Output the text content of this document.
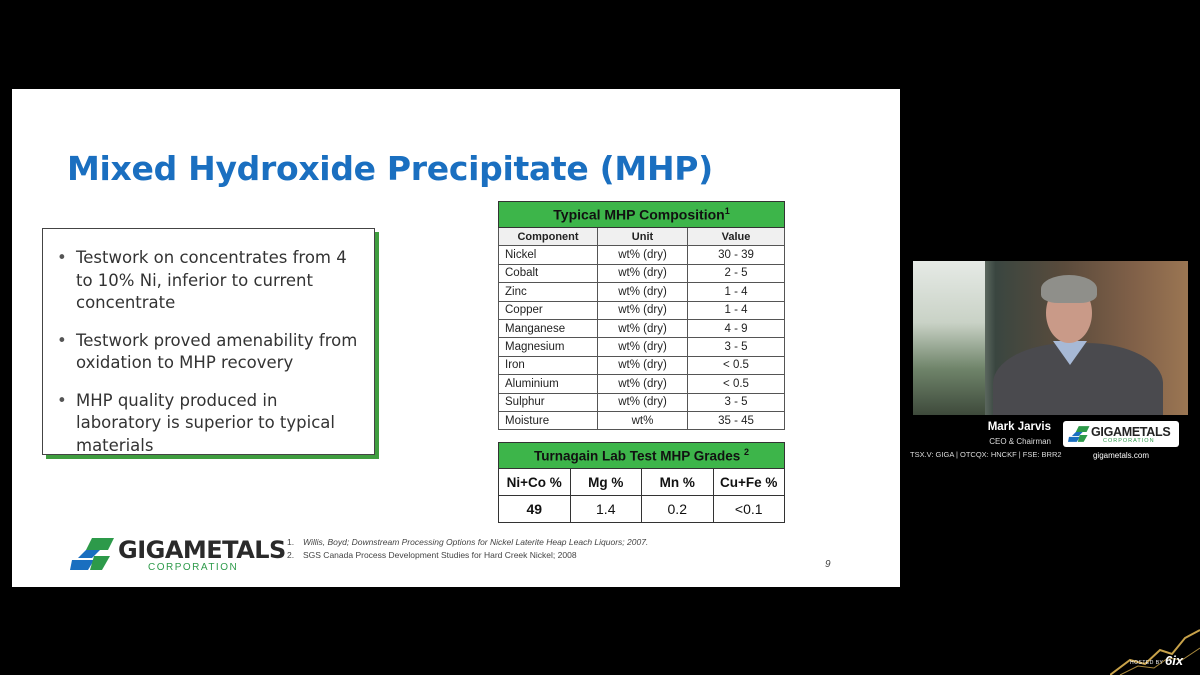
Mixed Hydroxide Precipitate (MHP)
• Testwork on concentrates from 4 to 10% Ni, inferior to current concentrate
• Testwork proved amenability from oxidation to MHP recovery
• MHP quality produced in laboratory is superior to typical materials
Typical MHP Composition$^1$
Component	Unit	Value
Nickel	wt% (dry)	30 - 39
Cobalt	wt% (dry)	2 - 5
Zinc	wt% (dry)	1 - 4
Copper	wt% (dry)	1 - 4
Manganese	wt% (dry)	4 - 9
Magnesium	wt% (dry)	3 - 5
Iron	wt% (dry)	< 0.5
Aluminium	wt% (dry)	< 0.5
Sulphur	wt% (dry)	3 - 5
Moisture	wt%	35 - 45
Turnagain Lab Test MHP Grades $^2$
Ni+Co %	Mg %	Mn %	Cu+Fe %
49	1.4	0.2	<0.1
GIGAMETALS
CORPORATION
1. Willis, Boyd; Downstream Processing Options for Nickel Laterite Heap Leach Liquors; 2007.
2. SGS Canada Process Development Studies for Hard Creek Nickel; 2008
9
Mark Jarvis
CEO & Chairman
TSX.V: GIGA | OTCQX: HNCKF | FSE: BRR2
GIGAMETALS
CORPORATION
gigametals.com
HOSTED BY 6ix
